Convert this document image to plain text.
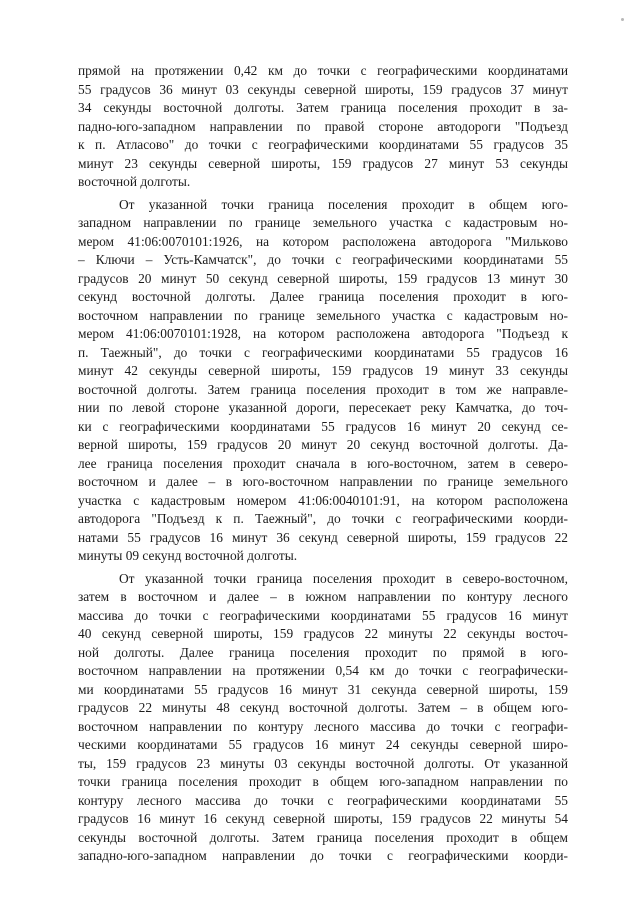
прямой на протяжении 0,42 км до точки с географическими координатами
55 градусов 36 минут 03 секунды северной широты, 159 градусов 37 минут
34 секунды восточной долготы. Затем граница поселения проходит в за-
падно-юго-западном направлении по правой стороне автодороги "Подъезд
к п. Атласово" до точки с географическими координатами 55 градусов 35
минут 23 секунды северной широты, 159 градусов 27 минут 53 секунды
восточной долготы.
От указанной точки граница поселения проходит в общем юго-
западном направлении по границе земельного участка с кадастровым но-
мером 41:06:0070101:1926, на котором расположена автодорога "Мильково
– Ключи – Усть-Камчатск", до точки с географическими координатами 55
градусов 20 минут 50 секунд северной широты, 159 градусов 13 минут 30
секунд восточной долготы. Далее граница поселения проходит в юго-
восточном направлении по границе земельного участка с кадастровым но-
мером 41:06:0070101:1928, на котором расположена автодорога "Подъезд к
п. Таежный", до точки с географическими координатами 55 градусов 16
минут 42 секунды северной широты, 159 градусов 19 минут 33 секунды
восточной долготы. Затем граница поселения проходит в том же направле-
нии по левой стороне указанной дороги, пересекает реку Камчатка, до точ-
ки с географическими координатами 55 градусов 16 минут 20 секунд се-
верной широты, 159 градусов 20 минут 20 секунд восточной долготы. Да-
лее граница поселения проходит сначала в юго-восточном, затем в северо-
восточном и далее – в юго-восточном направлении по границе земельного
участка с кадастровым номером 41:06:0040101:91, на котором расположена
автодорога "Подъезд к п. Таежный", до точки с географическими коорди-
натами 55 градусов 16 минут 36 секунд северной широты, 159 градусов 22
минуты 09 секунд восточной долготы.
От указанной точки граница поселения проходит в северо-восточном,
затем в восточном и далее – в южном направлении по контуру лесного
массива до точки с географическими координатами 55 градусов 16 минут
40 секунд северной широты, 159 градусов 22 минуты 22 секунды восточ-
ной долготы. Далее граница поселения проходит по прямой в юго-
восточном направлении на протяжении 0,54 км до точки с географически-
ми координатами 55 градусов 16 минут 31 секунда северной широты, 159
градусов 22 минуты 48 секунд восточной долготы. Затем – в общем юго-
восточном направлении по контуру лесного массива до точки с географи-
ческими координатами 55 градусов 16 минут 24 секунды северной широ-
ты, 159 градусов 23 минуты 03 секунды восточной долготы. От указанной
точки граница поселения проходит в общем юго-западном направлении по
контуру лесного массива до точки с географическими координатами 55
градусов 16 минут 16 секунд северной широты, 159 градусов 22 минуты 54
секунды восточной долготы. Затем граница поселения проходит в общем
западно-юго-западном направлении до точки с географическими коорди-
